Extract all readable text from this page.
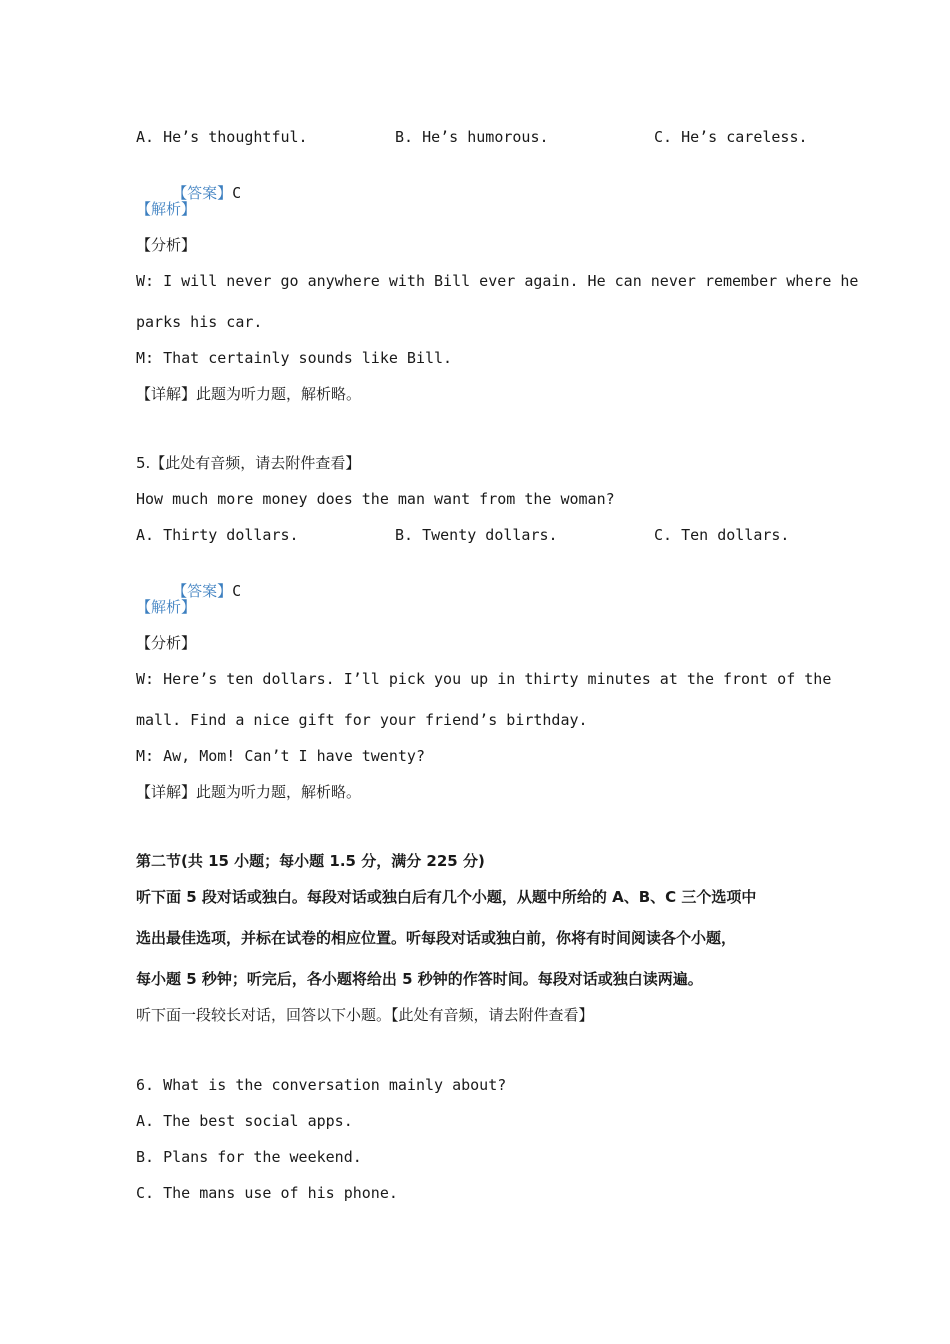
A. He’s thoughtful.	B. He’s humorous.	C. He’s careless.

【答案】C

【解析】
【分析】
W: I will never go anywhere with Bill ever again. He can never remember where he
parks his car.
M: That certainly sounds like Bill.
【详解】此题为听力题，解析略。
5.【此处有音频，请去附件查看】
How much more money does the man want from the woman?
A. Thirty dollars.	B. Twenty dollars.	C. Ten dollars.

【答案】C

【解析】
【分析】
W: Here’s ten dollars. I’ll pick you up in thirty minutes at the front of the
mall. Find a nice gift for your friend’s birthday.
M: Aw, Mom! Can’t I have twenty?
【详解】此题为听力题，解析略。
第二节(共 15 小题；每小题 1.5 分，满分 225 分)
听下面 5 段对话或独白。每段对话或独白后有几个小题，从题中所给的 A、B、C 三个选项中
选出最佳选项，并标在试卷的相应位置。听每段对话或独白前，你将有时间阅读各个小题，
每小题 5 秒钟；听完后，各小题将给出 5 秒钟的作答时间。每段对话或独白读两遍。
听下面一段较长对话，回答以下小题。【此处有音频，请去附件查看】
6. What is the conversation mainly about?
A. The best social apps.
B. Plans for the weekend.
C. The mans use of his phone.
